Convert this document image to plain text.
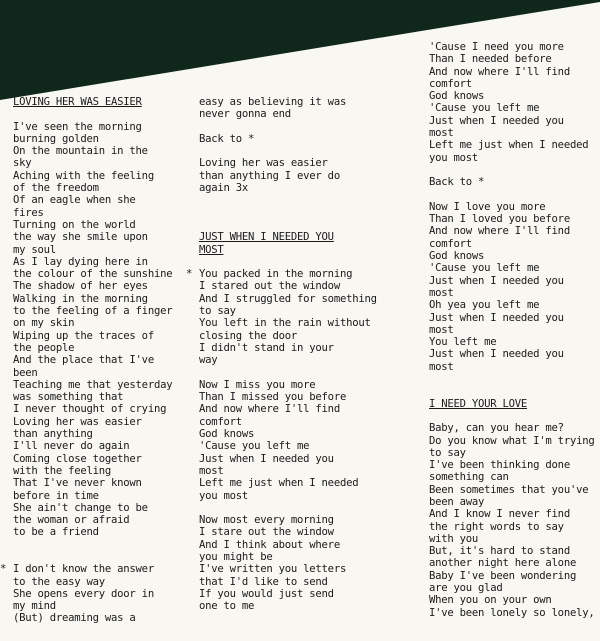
LOVING HER WAS EASIER
I've seen the morning
burning golden
On the mountain in the
sky
Aching with the feeling
of the freedom
Of an eagle when she
fires
Turning on the world
the way she smile upon
my soul
As I lay dying here in
the colour of the sunshine
The shadow of her eyes
Walking in the morning
to the feeling of a finger
on my skin
Wiping up the traces of
the people
And the place that I've
been
Teaching me that yesterday
was something that
I never thought of crying
Loving her was easier
than anything
I'll never do again
Coming close together
with the feeling
That I've never known
before in time
She ain't change to be
the woman or afraid
to be a friend
* I don't know the answer
to the easy way
She opens every door in
my mind
(But) dreaming was a
easy as believing it was
never gonna end
Back to *
Loving her was easier
than anything I ever do
again 3x
JUST WHEN I NEEDED YOU
MOST
* You packed in the morning
I stared out the window
And I struggled for something
to say
You left in the rain without
closing the door
I didn't stand in your
way
Now I miss you more
Than I missed you before
And now where I'll find
comfort
God knows
'Cause you left me
Just when I needed you
most
Left me just when I needed
you most
Now most every morning
I stare out the window
And I think about where
you might be
I've written you letters
that I'd like to send
If you would just send
one to me
'Cause I need you more
Than I needed before
And now where I'll find
comfort
God knows
'Cause you left me
Just when I needed you
most
Left me just when I needed
you most
Back to *
Now I love you more
Than I loved you before
And now where I'll find
comfort
God knows
'Cause you left me
Just when I needed you
most
Oh yea you left me
Just when I needed you
most
You left me
Just when I needed you
most
I NEED YOUR LOVE
Baby, can you hear me?
Do you know what I'm trying
to say
I've been thinking done
something can
Been sometimes that you've
been away
And I know I never find
the right words to say
with you
But, it's hard to stand
another night here alone
Baby I've been wondering
are you glad
When you on your own
I've been lonely so lonely,
